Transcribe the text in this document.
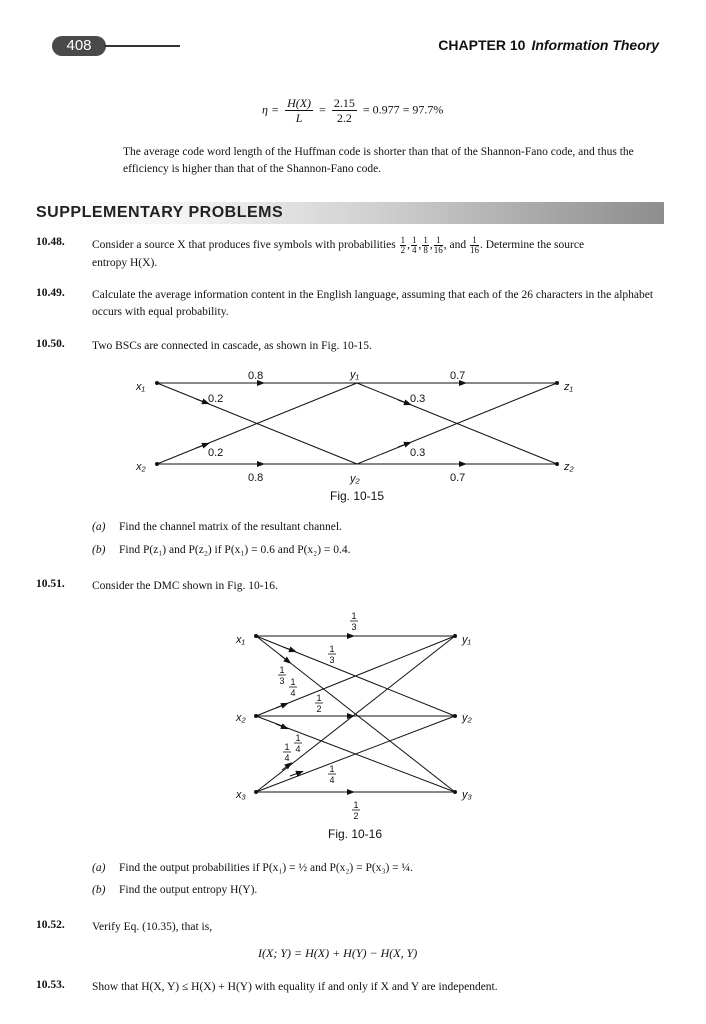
408	CHAPTER 10 Information Theory
$\eta = \frac{H(X)}{L} = \frac{2.15}{2.2} = 0.977 = 97.7\%$
The average code word length of the Huffman code is shorter than that of the Shannon-Fano code, and thus the efficiency is higher than that of the Shannon-Fano code.
SUPPLEMENTARY PROBLEMS
10.48. Consider a source X that produces five symbols with probabilities $\frac{1}{2}$ , $\frac{1}{4}$ , $\frac{1}{8}$ , $\frac{1}{16}$ , and $\frac{1}{16}$ . Determine the source
entropy H(X).
10.49. Calculate the average information content in the English language, assuming that each of the 26 characters in the alphabet occurs with equal probability.
10.50. Two BSCs are connected in cascade, as shown in Fig. 10-15.
x₁
x₂
y₁
y₂
z₁
z₂
0.8	0.7
0.8	0.7
0.2
0.2
0.3
0.3
Fig. 10-15
(a) Find the channel matrix of the resultant channel.
(b) Find P(z₁) and P(z₂) if P(x₁) = 0.6 and P(x₂) = 0.4.
10.51. Consider the DMC shown in Fig. 10-16.
x₁
x₂
x₃
y₁
y₂
y₃
1
3
1
3
1
3 1
4 1
2
1
4
1
4
1
4
1
2
Fig. 10-16
(a) Find the output probabilities if P(x₁) = ½ and P(x₂) = P(x₃) = ¼.
(b) Find the output entropy H(Y).
10.52. Verify Eq. (10.35), that is,
I(X; Y) = H(X) + H(Y) − H(X, Y)
10.53. Show that H(X, Y) ≤ H(X) + H(Y) with equality if and only if X and Y are independent.
